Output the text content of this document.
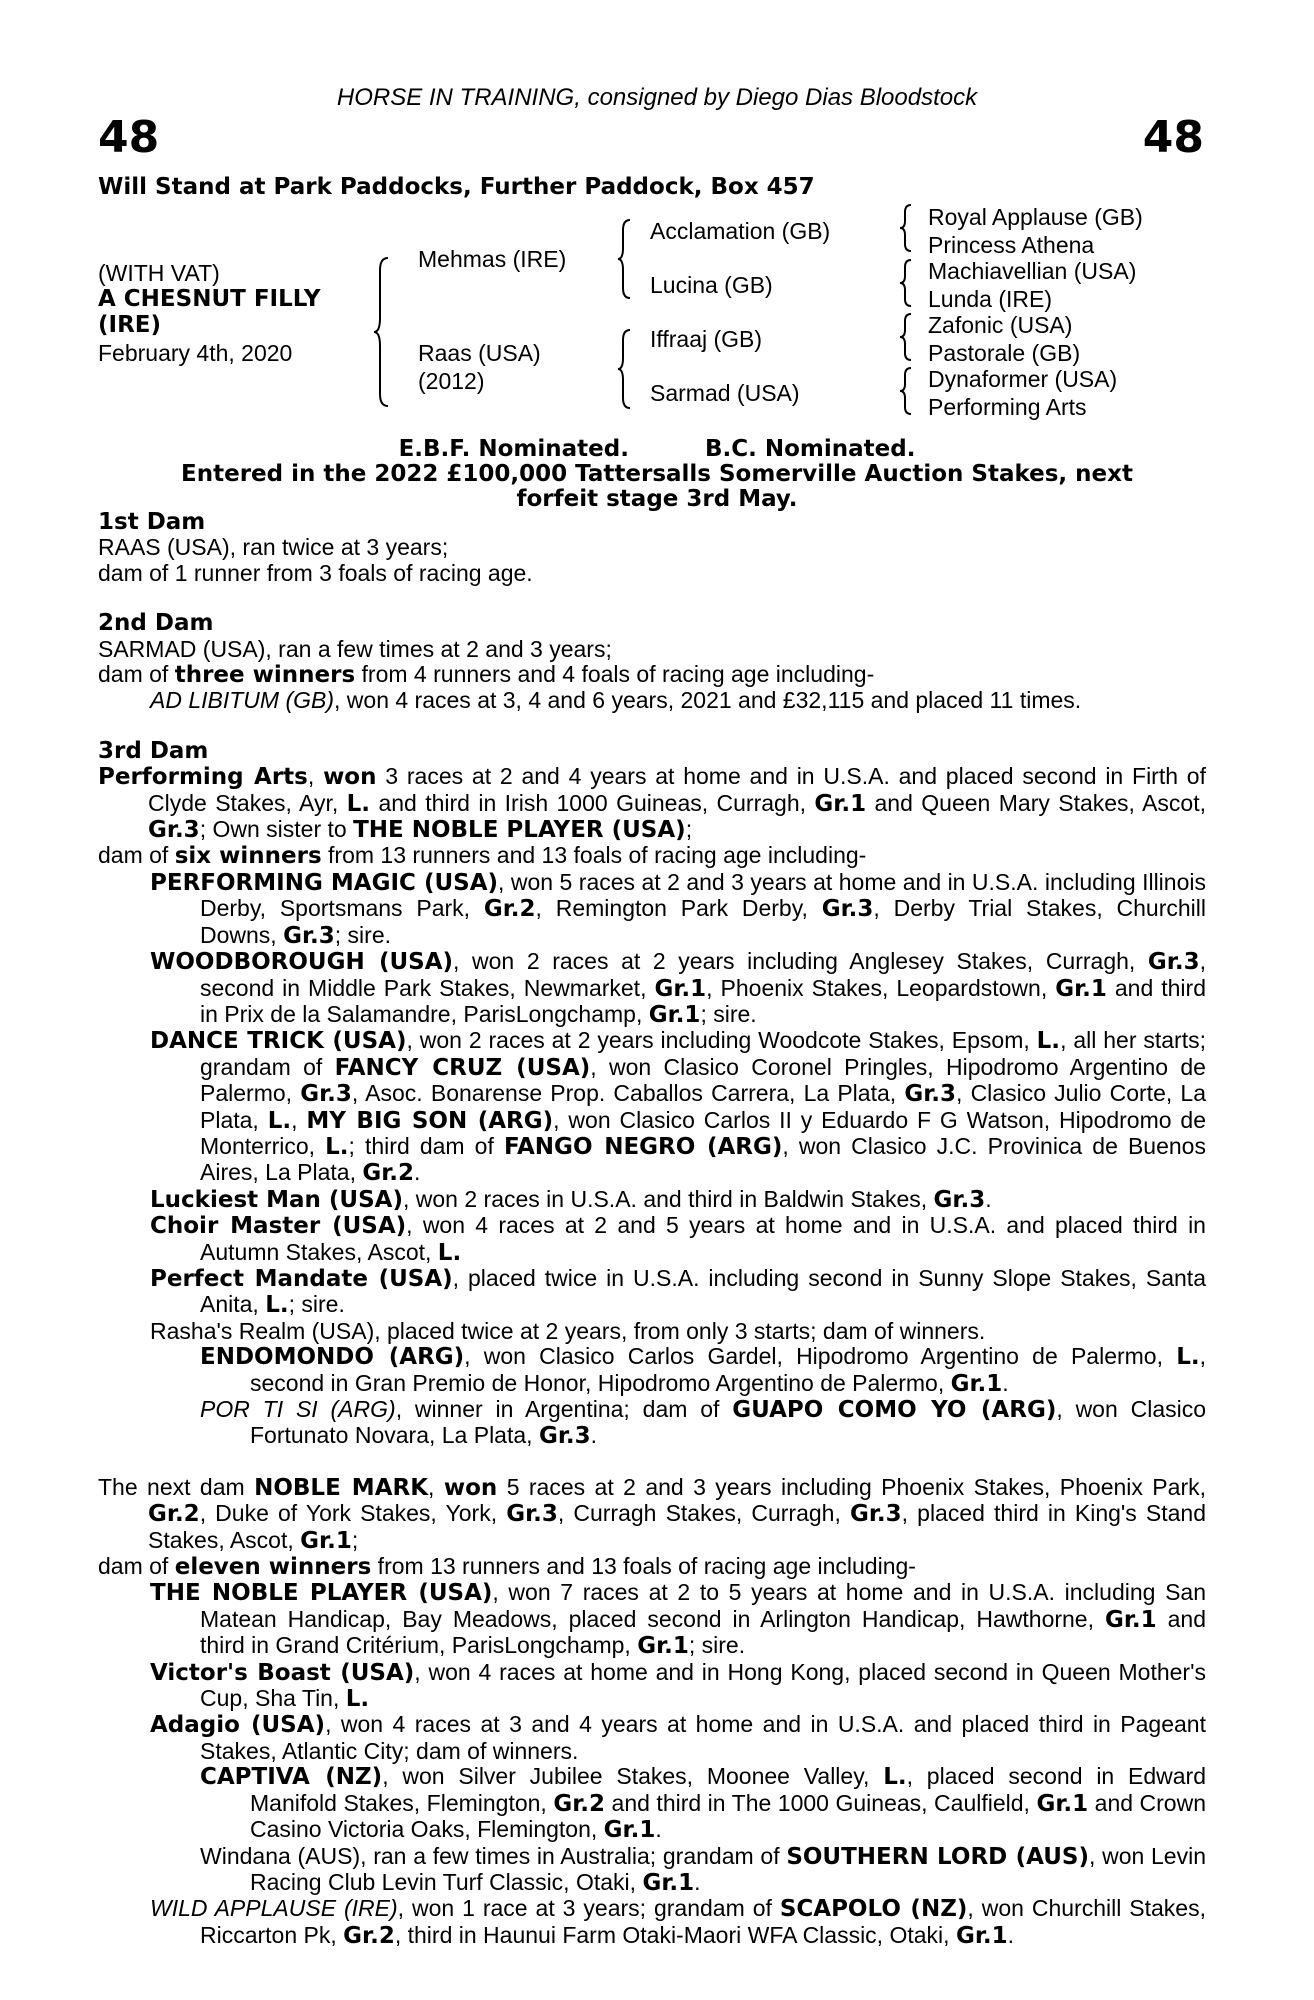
HORSE IN TRAINING, consigned by Diego Dias Bloodstock
48	48
Will Stand at Park Paddocks, Further Paddock, Box 457
(WITH VAT)
A CHESNUT FILLY
(IRE)
February 4th, 2020
Mehmas (IRE)
Raas (USA)
(2012)
Acclamation (GB)
Lucina (GB)
Iffraaj (GB)
Sarmad (USA)
Royal Applause (GB)
Princess Athena
Machiavellian (USA)
Lunda (IRE)
Zafonic (USA)
Pastorale (GB)
Dynaformer (USA)
Performing Arts
E.B.F. Nominated.	B.C. Nominated.
Entered in the 2022 £100,000 Tattersalls Somerville Auction Stakes, next
forfeit stage 3rd May.
1st Dam
RAAS (USA), ran twice at 3 years;
dam of 1 runner from 3 foals of racing age.
2nd Dam
SARMAD (USA), ran a few times at 2 and 3 years;
dam of three winners from 4 runners and 4 foals of racing age including-
AD LIBITUM (GB), won 4 races at 3, 4 and 6 years, 2021 and £32,115 and placed 11 times.
3rd Dam
Performing Arts, won 3 races at 2 and 4 years at home and in U.S.A. and placed second in Firth of Clyde Stakes, Ayr, L. and third in Irish 1000 Guineas, Curragh, Gr.1 and Queen Mary Stakes, Ascot, Gr.3; Own sister to THE NOBLE PLAYER (USA);
dam of six winners from 13 runners and 13 foals of racing age including-
PERFORMING MAGIC (USA), won 5 races at 2 and 3 years at home and in U.S.A. including Illinois Derby, Sportsmans Park, Gr.2, Remington Park Derby, Gr.3, Derby Trial Stakes, Churchill Downs, Gr.3; sire.
WOODBOROUGH (USA), won 2 races at 2 years including Anglesey Stakes, Curragh, Gr.3, second in Middle Park Stakes, Newmarket, Gr.1, Phoenix Stakes, Leopardstown, Gr.1 and third in Prix de la Salamandre, ParisLongchamp, Gr.1; sire.
DANCE TRICK (USA), won 2 races at 2 years including Woodcote Stakes, Epsom, L., all her starts; grandam of FANCY CRUZ (USA), won Clasico Coronel Pringles, Hipodromo Argentino de Palermo, Gr.3, Asoc. Bonarense Prop. Caballos Carrera, La Plata, Gr.3, Clasico Julio Corte, La Plata, L., MY BIG SON (ARG), won Clasico Carlos II y Eduardo F G Watson, Hipodromo de Monterrico, L.; third dam of FANGO NEGRO (ARG), won Clasico J.C. Provinica de Buenos Aires, La Plata, Gr.2.
Luckiest Man (USA), won 2 races in U.S.A. and third in Baldwin Stakes, Gr.3.
Choir Master (USA), won 4 races at 2 and 5 years at home and in U.S.A. and placed third in Autumn Stakes, Ascot, L.
Perfect Mandate (USA), placed twice in U.S.A. including second in Sunny Slope Stakes, Santa Anita, L.; sire.
Rasha's Realm (USA), placed twice at 2 years, from only 3 starts; dam of winners.
ENDOMONDO (ARG), won Clasico Carlos Gardel, Hipodromo Argentino de Palermo, L., second in Gran Premio de Honor, Hipodromo Argentino de Palermo, Gr.1.
POR TI SI (ARG), winner in Argentina; dam of GUAPO COMO YO (ARG), won Clasico Fortunato Novara, La Plata, Gr.3.
The next dam NOBLE MARK, won 5 races at 2 and 3 years including Phoenix Stakes, Phoenix Park, Gr.2, Duke of York Stakes, York, Gr.3, Curragh Stakes, Curragh, Gr.3, placed third in King's Stand Stakes, Ascot, Gr.1;
dam of eleven winners from 13 runners and 13 foals of racing age including-
THE NOBLE PLAYER (USA), won 7 races at 2 to 5 years at home and in U.S.A. including San Matean Handicap, Bay Meadows, placed second in Arlington Handicap, Hawthorne, Gr.1 and third in Grand Critérium, ParisLongchamp, Gr.1; sire.
Victor's Boast (USA), won 4 races at home and in Hong Kong, placed second in Queen Mother's Cup, Sha Tin, L.
Adagio (USA), won 4 races at 3 and 4 years at home and in U.S.A. and placed third in Pageant Stakes, Atlantic City; dam of winners.
CAPTIVA (NZ), won Silver Jubilee Stakes, Moonee Valley, L., placed second in Edward Manifold Stakes, Flemington, Gr.2 and third in The 1000 Guineas, Caulfield, Gr.1 and Crown Casino Victoria Oaks, Flemington, Gr.1.
Windana (AUS), ran a few times in Australia; grandam of SOUTHERN LORD (AUS), won Levin Racing Club Levin Turf Classic, Otaki, Gr.1.
WILD APPLAUSE (IRE), won 1 race at 3 years; grandam of SCAPOLO (NZ), won Churchill Stakes, Riccarton Pk, Gr.2, third in Haunui Farm Otaki-Maori WFA Classic, Otaki, Gr.1.
